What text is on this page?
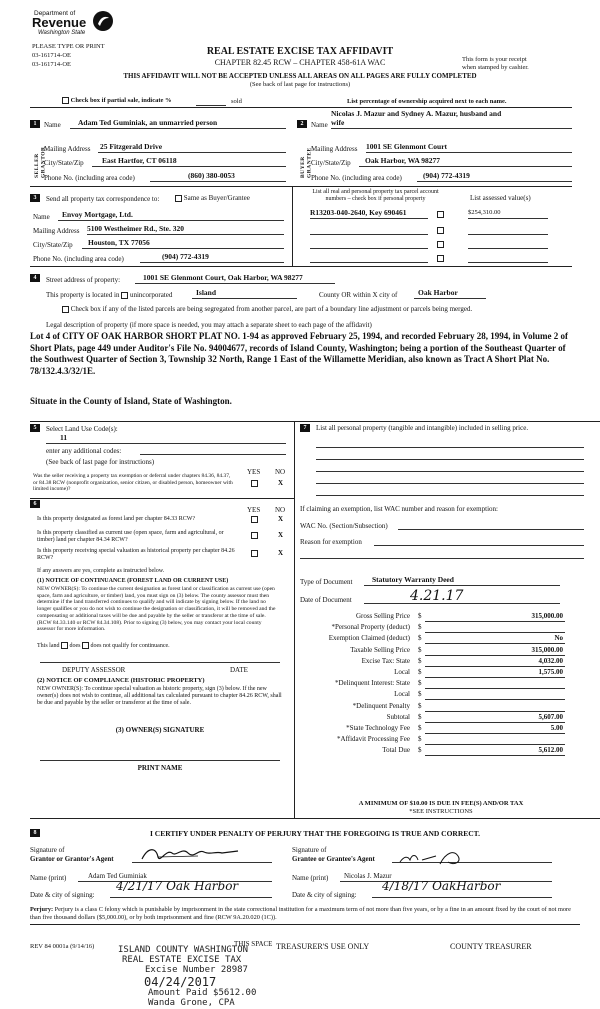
Department of
Revenue
Washington State
PLEASE TYPE OR PRINT
03-161714-OE
03-161714-OE
REAL ESTATE EXCISE TAX AFFIDAVIT
CHAPTER 82.45 RCW – CHAPTER 458-61A WAC	This form is your receipt
when stamped by cashier.
THIS AFFIDAVIT WILL NOT BE ACCEPTED UNLESS ALL AREAS ON ALL PAGES ARE FULLY COMPLETED
(See back of last page for instructions)
Check box if partial sale, indicate %	sold	List percentage of ownership acquired next to each name.
1
SELLER GRANTOR
Name	Adam Ted Guminiak, an unmarried person
Mailing Address 25 Fitzgerald Drive
City/State/Zip	East Hartfor, CT 06118
Phone No. (including area code)	(860) 380-0053
2
BUYER GRANTEE
Nicolas J. Mazur and Sydney A. Mazur, husband and
Name wife
Mailing Address 1001 SE Glenmont Court
City/State/Zip	Oak Harbor, WA 98277
Phone No. (including area code)	(904) 772-4319
3	Send all property tax correspondence to:	Same as Buyer/Grantee
Name	Envoy Mortgage, Ltd.
Mailing Address 5100 Westheimer Rd., Ste. 320
City/State/Zip	Houston, TX 77056
Phone No. (including area code)	(904) 772-4319
List all real and personal property tax parcel account
numbers – check box if personal property	List assessed value(s)
R13203-040-2640, Key 690461	$254,310.00
4	Street address of property:	1001 SE Glenmont Court, Oak Harbor, WA 98277
This property is located in unincorporated	Island	County OR within X city of	Oak Harbor
Check box if any of the listed parcels are being segregated from another parcel, are part of a boundary line adjustment or parcels being merged.
Legal description of property (if more space is needed, you may attach a separate sheet to each page of the affidavit)
Lot 4 of CITY OF OAK HARBOR SHORT PLAT NO. 1-94 as approved February 25, 1994, and recorded February 28, 1994, in Volume 2 of Short Plats, page 449 under Auditor's File No. 94004677, records of Island County, Washington; being a portion of the Southeast Quarter of the Southwest Quarter of Section 3, Township 32 North, Range 1 East of the Willamette Meridian, also known as Tract A Short Plat No. 78/132.4.3/32/1E.
Situate in the County of Island, State of Washington.
5	Select Land Use Code(s):
11
enter any additional codes:
(See back of last page for instructions)
YES NO
Was the seller receiving a property tax exemption or deferral under chapters 84.36, 84.37, or 84.38 RCW (nonprofit organization, senior citizen, or disabled person, homeowner with limited income)?
X
6
YES NO
Is this property designated as forest land per chapter 84.33 RCW?	X
Is this property classified as current use (open space, farm and agricultural, or timber) land per chapter 84.34 RCW?
X
Is this property receiving special valuation as historical property per chapter 84.26 RCW?
X
If any answers are yes, complete as instructed below.
(1) NOTICE OF CONTINUANCE (FOREST LAND OR CURRENT USE)
NEW OWNER(S): To continue the current designation as forest land or classification as current use (open space, farm and agriculture, or timber) land, you must sign on (3) below. The county assessor must then determine if the land transferred continues to qualify and will indicate by signing below. If the land no longer qualifies or you do not wish to continue the designation or classification, it will be removed and the compensating or additional taxes will be due and payable by the seller or transferor at the time of sale. (RCW 84.33.140 or RCW 84.34.108). Prior to signing (3) below, you may contact your local county assessor for more information.
This land does does not qualify for continuance.
DEPUTY ASSESSOR	DATE
(2) NOTICE OF COMPLIANCE (HISTORIC PROPERTY)
NEW OWNER(S): To continue special valuation as historic property, sign (3) below. If the new owner(s) does not wish to continue, all additional tax calculated pursuant to chapter 84.26 RCW, shall be due and payable by the seller or transferor at the time of sale.
(3) OWNER(S) SIGNATURE
PRINT NAME
7	List all personal property (tangible and intangible) included in selling price.
If claiming an exemption, list WAC number and reason for exemption:
WAC No. (Section/Subsection)
Reason for exemption
Type of Document	Statutory Warranty Deed
Date of Document	4.21.17
Gross Selling Price $	315,000.00
*Personal Property (deduct) $
Exemption Claimed (deduct) $	No
Taxable Selling Price $	315,000.00
Excise Tax: State $	4,032.00
Local $	1,575.00
*Delinquent Interest: State $
Local $
*Delinquent Penalty $
Subtotal $	5,607.00
*State Technology Fee $	5.00
*Affidavit Processing Fee $
Total Due $	5,612.00
A MINIMUM OF $10.00 IS DUE IN FEE(S) AND/OR TAX
*SEE INSTRUCTIONS
8	I CERTIFY UNDER PENALTY OF PERJURY THAT THE FOREGOING IS TRUE AND CORRECT.
Signature of
Grantor or Grantor's Agent
Signature of
Grantee or Grantee's Agent
Name (print)	Adam Ted Guminiak	Name (print)	Nicolas J. Mazur
Date & city of signing:
4/21/17 Oak Harbor
Date & city of signing:
4/18/17 OakHarbor
Perjury: Perjury is a class C felony which is punishable by imprisonment in the state correctional institution for a maximum term of not more than five years, or by a fine in an amount fixed by the court of not more than five thousand dollars ($5,000.00), or by both imprisonment and fine (RCW 9A.20.020 (1C)).
REV 84 0001a (9/14/16)	THIS SPACE TREASURER'S USE ONLY	COUNTY TREASURER
ISLAND COUNTY WASHINGTON
REAL ESTATE EXCISE TAX
Excise Number 28987
04/24/2017
Amount Paid $5612.00
Wanda Grone, CPA
